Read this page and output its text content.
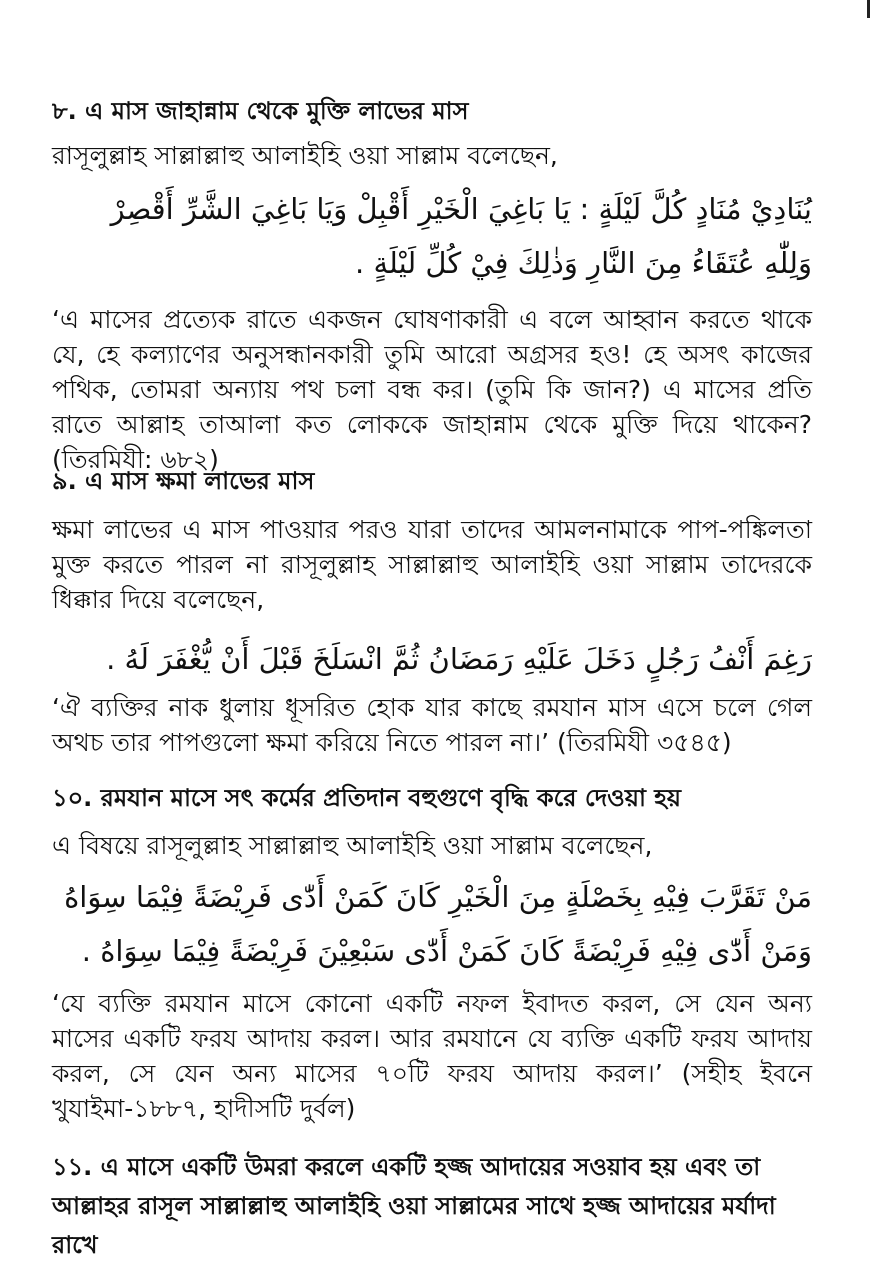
৮. এ মাস জাহান্নাম থেকে মুক্তি লাভের মাস

রাসূলুল্লাহ সাল্লাল্লাহু আলাইহি ওয়া সাল্লাম বলেছেন,

يُنَادِيْ مُنَادٍ كُلَّ لَيْلَةٍ : يَا بَاغِيَ الْخَيْرِ أَقْبِلْ وَيَا بَاغِيَ الشَّرِّ أَقْصِرْ
وَلِلّٰهِ عُتَقَاءُ مِنَ النَّارِ وَذٰلِكَ فِيْ كُلِّ لَيْلَةٍ .

‘এ মাসের প্রত্যেক রাতে একজন ঘোষণাকারী এ বলে আহ্বান করতে থাকে যে, হে কল্যাণের অনুসন্ধানকারী তুমি আরো অগ্রসর হও! হে অসৎ কাজের পথিক, তোমরা অন্যায় পথ চলা বন্ধ কর। (তুমি কি জান?) এ মাসের প্রতি রাতে আল্লাহ তাআলা কত লোককে জাহান্নাম থেকে মুক্তি দিয়ে থাকেন? (তিরমিযী: ৬৮২)

৯. এ মাস ক্ষমা লাভের মাস

ক্ষমা লাভের এ মাস পাওয়ার পরও যারা তাদের আমলনামাকে পাপ-পঙ্কিলতা মুক্ত করতে পারল না রাসূলুল্লাহ সাল্লাল্লাহু আলাইহি ওয়া সাল্লাম তাদেরকে ধিক্কার দিয়ে বলেছেন,

رَغِمَ أَنْفُ رَجُلٍ دَخَلَ عَلَيْهِ رَمَضَانُ ثُمَّ انْسَلَخَ قَبْلَ أَنْ يُّغْفَرَ لَهُ .

‘ঐ ব্যক্তির নাক ধুলায় ধূসরিত হোক যার কাছে রমযান মাস এসে চলে গেল অথচ তার পাপগুলো ক্ষমা করিয়ে নিতে পারল না।’ (তিরমিযী ৩৫৪৫)

১০. রমযান মাসে সৎ কর্মের প্রতিদান বহুগুণে বৃদ্ধি করে দেওয়া হয়

এ বিষয়ে রাসূলুল্লাহ সাল্লাল্লাহু আলাইহি ওয়া সাল্লাম বলেছেন,

مَنْ تَقَرَّبَ فِيْهِ بِخَصْلَةٍ مِنَ الْخَيْرِ كَانَ كَمَنْ أَدّٰى فَرِيْضَةً فِيْمَا سِوَاهُ
وَمَنْ أَدّٰى فِيْهِ فَرِيْضَةً كَانَ كَمَنْ أَدّٰى سَبْعِيْنَ فَرِيْضَةً فِيْمَا سِوَاهُ .

‘যে ব্যক্তি রমযান মাসে কোনো একটি নফল ইবাদত করল, সে যেন অন্য মাসের একটি ফরয আদায় করল। আর রমযানে যে ব্যক্তি একটি ফরয আদায় করল, সে যেন অন্য মাসের ৭০টি ফরয আদায় করল।’ (সহীহ ইবনে খুযাইমা-১৮৮৭, হাদীসটি দুর্বল)

১১. এ মাসে একটি উমরা করলে একটি হজ্জ আদায়ের সওয়াব হয় এবং তা আল্লাহর রাসূল সাল্লাল্লাহু আলাইহি ওয়া সাল্লামের সাথে হজ্জ আদায়ের মর্যাদা রাখে
